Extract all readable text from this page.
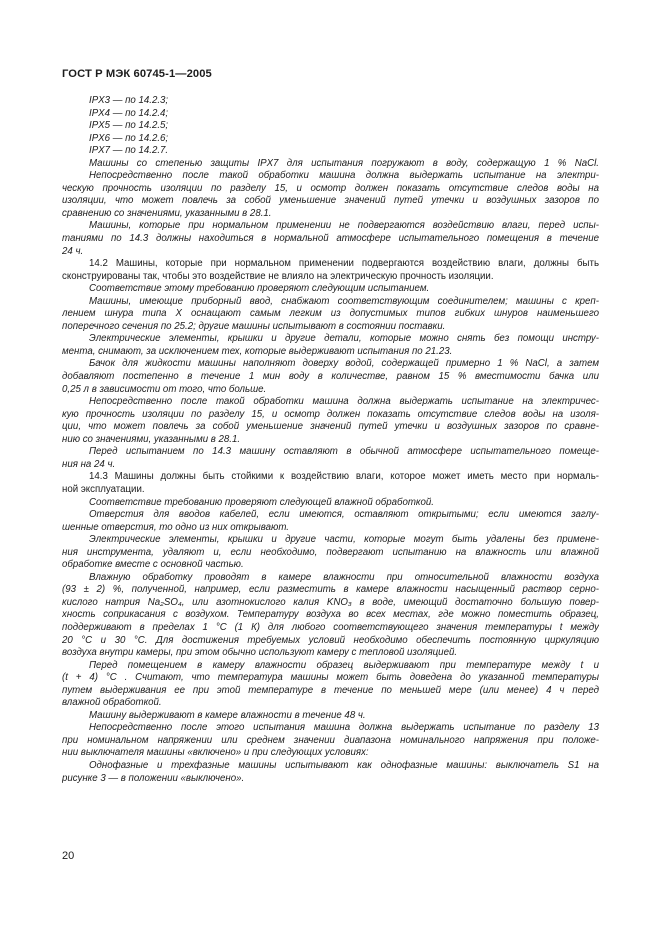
ГОСТ Р МЭК 60745-1—2005
IPX3 — по 14.2.3;
IPX4 — по 14.2.4;
IPX5 — по 14.2.5;
IPX6 — по 14.2.6;
IPX7 — по 14.2.7.
Машины со степенью защиты IPX7 для испытания погружают в воду, содержащую 1 % NaCl.
Непосредственно после такой обработки машина должна выдержать испытание на электри-
ческую прочность изоляции по разделу 15, и осмотр должен показать отсутствие следов воды на
изоляции, что может повлечь за собой уменьшение значений путей утечки и воздушных зазоров по
сравнению со значениями, указанными в 28.1.
Машины, которые при нормальном применении не подвергаются воздействию влаги, перед испы-
таниями по 14.3 должны находиться в нормальной атмосфере испытательного помещения в течение
24 ч.
14.2 Машины, которые при нормальном применении подвергаются воздействию влаги, должны быть
сконструированы так, чтобы это воздействие не влияло на электрическую прочность изоляции.
Соответствие этому требованию проверяют следующим испытанием.
Машины, имеющие приборный ввод, снабжают соответствующим соединителем; машины с креп-
лением шнура типа Х оснащают самым легким из допустимых типов гибких шнуров наименьшего
поперечного сечения по 25.2; другие машины испытывают в состоянии поставки.
Электрические элементы, крышки и другие детали, которые можно снять без помощи инстру-
мента, снимают, за исключением тех, которые выдерживают испытания по 21.23.
Бачок для жидкости машины наполняют доверху водой, содержащей примерно 1 % NaCl, а затем
добавляют постепенно в течение 1 мин воду в количестве, равном 15 % вместимости бачка или
0,25 л в зависимости от того, что больше.
Непосредственно после такой обработки машина должна выдержать испытание на электричес-
кую прочность изоляции по разделу 15, и осмотр должен показать отсутствие следов воды на изоля-
ции, что может повлечь за собой уменьшение значений путей утечки и воздушных зазоров по сравне-
нию со значениями, указанными в 28.1.
Перед испытанием по 14.3 машину оставляют в обычной атмосфере испытательного помеще-
ния на 24 ч.
14.3 Машины должны быть стойкими к воздействию влаги, которое может иметь место при нормаль-
ной эксплуатации.
Соответствие требованию проверяют следующей влажной обработкой.
Отверстия для вводов кабелей, если имеются, оставляют открытыми; если имеются заглу-
шенные отверстия, то одно из них открывают.
Электрические элементы, крышки и другие части, которые могут быть удалены без примене-
ния инструмента, удаляют и, если необходимо, подвергают испытанию на влажность или влажной
обработке вместе с основной частью.
Влажную обработку проводят в камере влажности при относительной влажности воздуха
(93 ± 2) %, полученной, например, если разместить в камере влажности насыщенный раствор серно-
кислого натрия Na₂SO₄, или азотнокислого калия KNO₃ в воде, имеющий достаточно большую повер-
хность соприкасания с воздухом. Температуру воздуха во всех местах, где можно поместить образец,
поддерживают в пределах 1 °C (1 К) для любого соответствующего значения температуры t между
20 °C и 30 °C. Для достижения требуемых условий необходимо обеспечить постоянную циркуляцию
воздуха внутри камеры, при этом обычно используют камеру с тепловой изоляцией.
Перед помещением в камеру влажности образец выдерживают при температуре между t и
(t + 4) °C . Считают, что температура машины может быть доведена до указанной температуры
путем выдерживания ее при этой температуре в течение по меньшей мере (или менее) 4 ч перед
влажной обработкой.
Машину выдерживают в камере влажности в течение 48 ч.
Непосредственно после этого испытания машина должна выдержать испытание по разделу 13
при номинальном напряжении или среднем значении диапазона номинального напряжения при положе-
нии выключателя машины «включено» и при следующих условиях:
Однофазные и трехфазные машины испытывают как однофазные машины: выключатель S1 на
рисунке 3 — в положении «выключено».
20
